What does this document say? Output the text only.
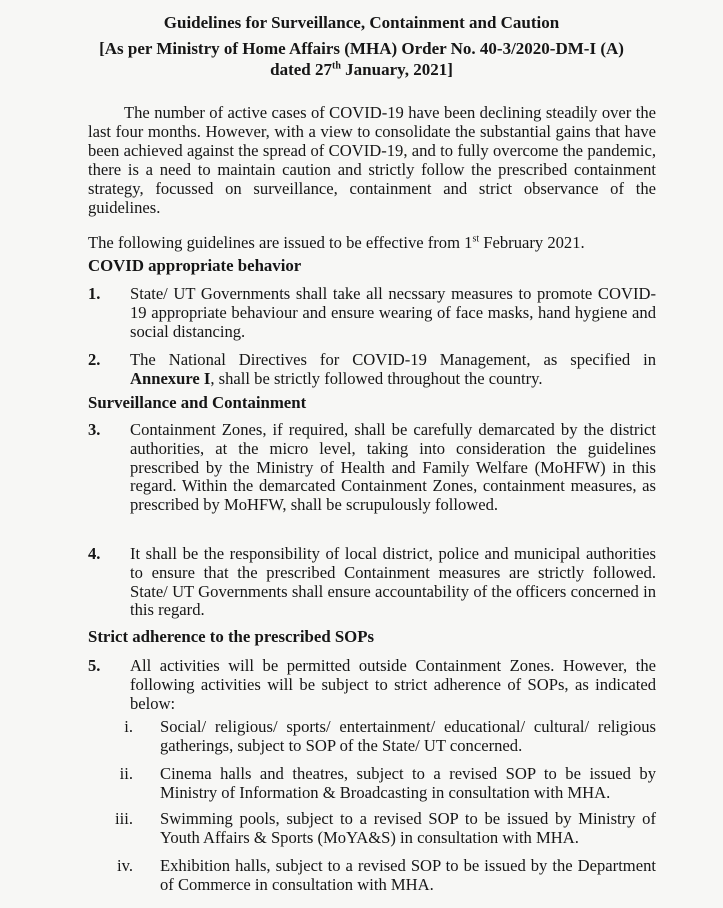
Guidelines for Surveillance, Containment and Caution
[As per Ministry of Home Affairs (MHA) Order No. 40-3/2020-DM-I (A)
dated 27th January, 2021]

The number of active cases of COVID-19 have been declining steadily over the last four months. However, with a view to consolidate the substantial gains that have been achieved against the spread of COVID-19, and to fully overcome the pandemic, there is a need to maintain caution and strictly follow the prescribed containment strategy, focussed on surveillance, containment and strict observance of the guidelines.

The following guidelines are issued to be effective from 1st February 2021.
COVID appropriate behavior
1. State/ UT Governments shall take all necssary measures to promote COVID-19 appropriate behaviour and ensure wearing of face masks, hand hygiene and social distancing.
2. The National Directives for COVID-19 Management, as specified in Annexure I, shall be strictly followed throughout the country.
Surveillance and Containment
3. Containment Zones, if required, shall be carefully demarcated by the district authorities, at the micro level, taking into consideration the guidelines prescribed by the Ministry of Health and Family Welfare (MoHFW) in this regard. Within the demarcated Containment Zones, containment measures, as prescribed by MoHFW, shall be scrupulously followed.
4. It shall be the responsibility of local district, police and municipal authorities to ensure that the prescribed Containment measures are strictly followed. State/ UT Governments shall ensure accountability of the officers concerned in this regard.
Strict adherence to the prescribed SOPs
5. All activities will be permitted outside Containment Zones. However, the following activities will be subject to strict adherence of SOPs, as indicated below:
i. Social/ religious/ sports/ entertainment/ educational/ cultural/ religious gatherings, subject to SOP of the State/ UT concerned.
ii. Cinema halls and theatres, subject to a revised SOP to be issued by Ministry of Information & Broadcasting in consultation with MHA.
iii. Swimming pools, subject to a revised SOP to be issued by Ministry of Youth Affairs & Sports (MoYA&S) in consultation with MHA.
iv. Exhibition halls, subject to a revised SOP to be issued by the Department of Commerce in consultation with MHA.
